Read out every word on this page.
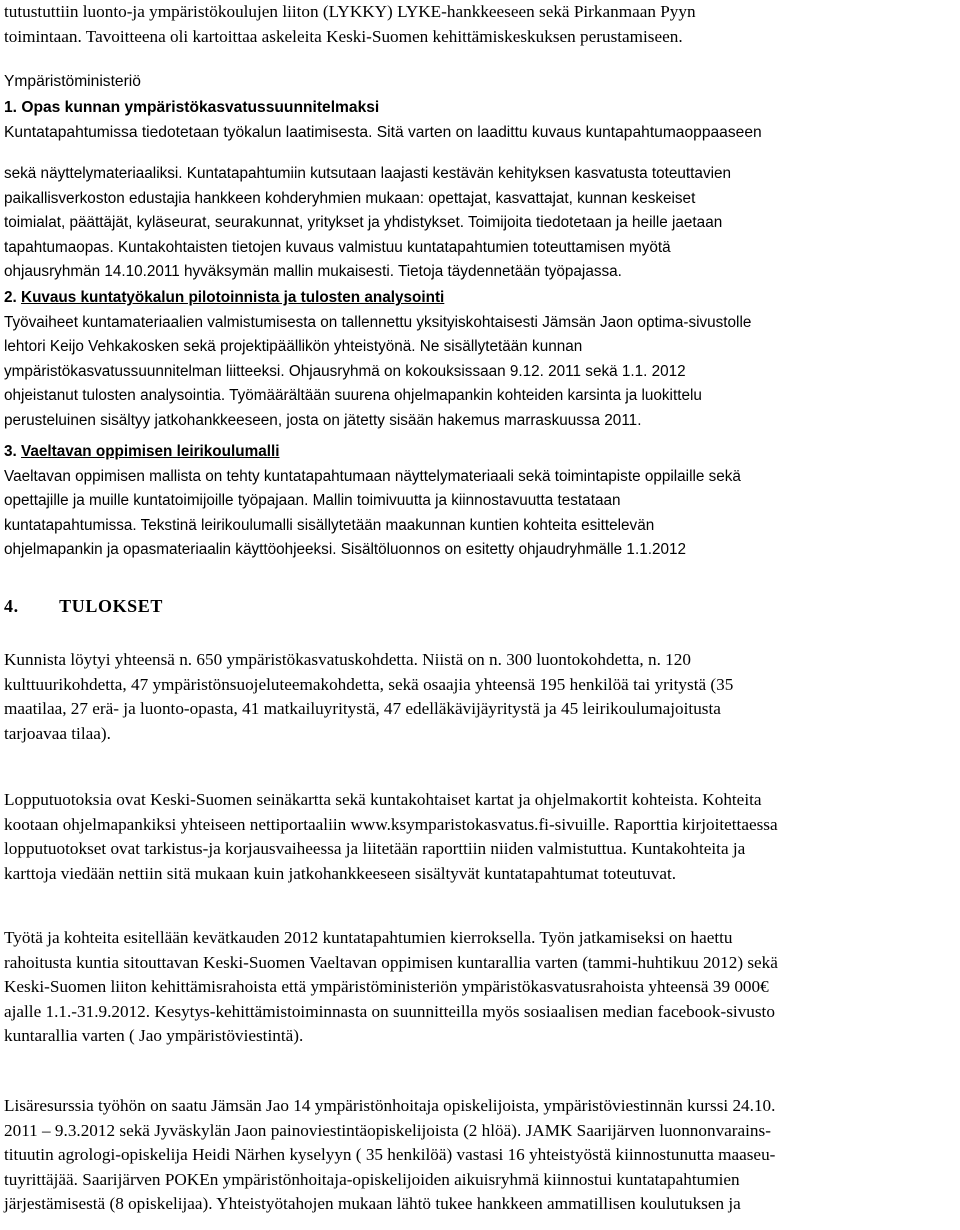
tutustuttiin luonto-ja ympäristökoulujen liiton (LYKKY) LYKE-hankkeeseen sekä Pirkanmaan Pyyn
toimintaan. Tavoitteena oli kartoittaa askeleita Keski-Suomen kehittämiskeskuksen perustamiseen.
Ympäristöministeriö
1. Opas kunnan ympäristökasvatussuunnitelmaksi
Kuntatapahtumissa tiedotetaan työkalun laatimisesta. Sitä varten on laadittu kuvaus kuntapahtumaoppaaseen
sekä näyttelymateriaaliksi. Kuntatapahtumiin kutsutaan laajasti kestävän kehityksen kasvatusta toteuttavien
paikallisverkoston edustajia hankkeen kohderyhmien mukaan: opettajat, kasvattajat, kunnan keskeiset
toimialat, päättäjät, kyläseurat, seurakunnat, yritykset ja yhdistykset. Toimijoita tiedotetaan ja heille jaetaan
tapahtumaopas. Kuntakohtaisten tietojen kuvaus valmistuu kuntatapahtumien toteuttamisen myötä
ohjausryhmän 14.10.2011 hyväksymän mallin mukaisesti. Tietoja täydennetään työpajassa.
2. Kuvaus kuntatyökalun pilotoinnista ja tulosten analysointi
Työvaiheet kuntamateriaalien valmistumisesta on tallennettu yksityiskohtaisesti Jämsän Jaon optima-sivustolle
lehtori Keijo Vehkakosken sekä projektipäällikön yhteistyönä. Ne sisällytetään kunnan
ympäristökasvatussuunnitelman liitteeksi. Ohjausryhmä on kokouksissaan 9.12. 2011 sekä 1.1. 2012
ohjeistanut tulosten analysointia. Työmäärältään suurena ohjelmapankin kohteiden karsinta ja luokittelu
perusteluinen sisältyy jatkohankkeeseen, josta on jätetty sisään hakemus marraskuussa 2011.
3. Vaeltavan oppimisen leirikoulumalli
Vaeltavan oppimisen mallista on tehty kuntatapahtumaan näyttelymateriaali sekä toimintapiste oppilaille sekä
opettajille ja muille kuntatoimijoille työpajaan. Mallin toimivuutta ja kiinnostavuutta testataan
kuntatapahtumissa. Tekstinä leirikoulumalli sisällytetään maakunnan kuntien kohteita esittelevän
ohjelmapankin ja opasmateriaalin käyttöohjeeksi. Sisältöluonnos on esitetty ohjaudryhmälle 1.1.2012
4.        TULOKSET
Kunnista löytyi yhteensä n. 650 ympäristökasvatuskohdetta. Niistä on n. 300 luontokohdetta, n. 120
kulttuurikohdetta, 47 ympäristönsuojeluteemakohdetta, sekä osaajia yhteensä 195 henkilöä tai yritystä (35
maatilaa, 27 erä- ja luonto-opasta, 41 matkailuyritystä, 47 edelläkävijäyritystä ja 45 leirikoulumajoitusta
tarjoavaa tilaa).
Lopputuotoksia ovat Keski-Suomen seinäkartta sekä kuntakohtaiset kartat ja ohjelmakortit kohteista. Kohteita
kootaan ohjelmapankiksi yhteiseen nettiportaaliin www.ksymparistokasvatus.fi-sivuille. Raporttia kirjoitettaessa
lopputuotokset ovat tarkistus-ja korjausvaiheessa ja liitetään raporttiin niiden valmistuttua. Kuntakohteita ja
karttoja viedään nettiin sitä mukaan kuin jatkohankkeeseen sisältyvät kuntatapahtumat toteutuvat.
Työtä ja kohteita esitellään kevätkauden 2012 kuntatapahtumien kierroksella. Työn jatkamiseksi on haettu
rahoitusta kuntia sitouttavan Keski-Suomen Vaeltavan oppimisen kuntarallia varten (tammi-huhtikuu 2012) sekä
Keski-Suomen liiton kehittämisrahoista että ympäristöministeriön ympäristökasvatusrahoista yhteensä 39 000€
ajalle 1.1.-31.9.2012. Kesytys-kehittämistoiminnasta on suunnitteilla myös sosiaalisen median facebook-sivusto
kuntarallia varten ( Jao ympäristöviestintä).
Lisäresurssia työhön on saatu Jämsän Jao 14 ympäristönhoitaja opiskelijoista, ympäristöviestinnän kurssi 24.10.
2011 – 9.3.2012 sekä Jyväskylän Jaon painoviestintäopiskelijoista (2 hlöä). JAMK Saarijärven luonnonvarains-
tituutin agrologi-opiskelija Heidi Närhen kyselyyn ( 35 henkilöä) vastasi 16 yhteistyöstä kiinnostunutta maaseu-
tuyrittäjää. Saarijärven POKEn ympäristönhoitaja-opiskelijoiden aikuisryhmä kiinnostui kuntatapahtumien
järjestämisestä (8 opiskelijaa). Yhteistyötahojen mukaan lähtö tukee hankkeen ammatillisen koulutuksen ja
